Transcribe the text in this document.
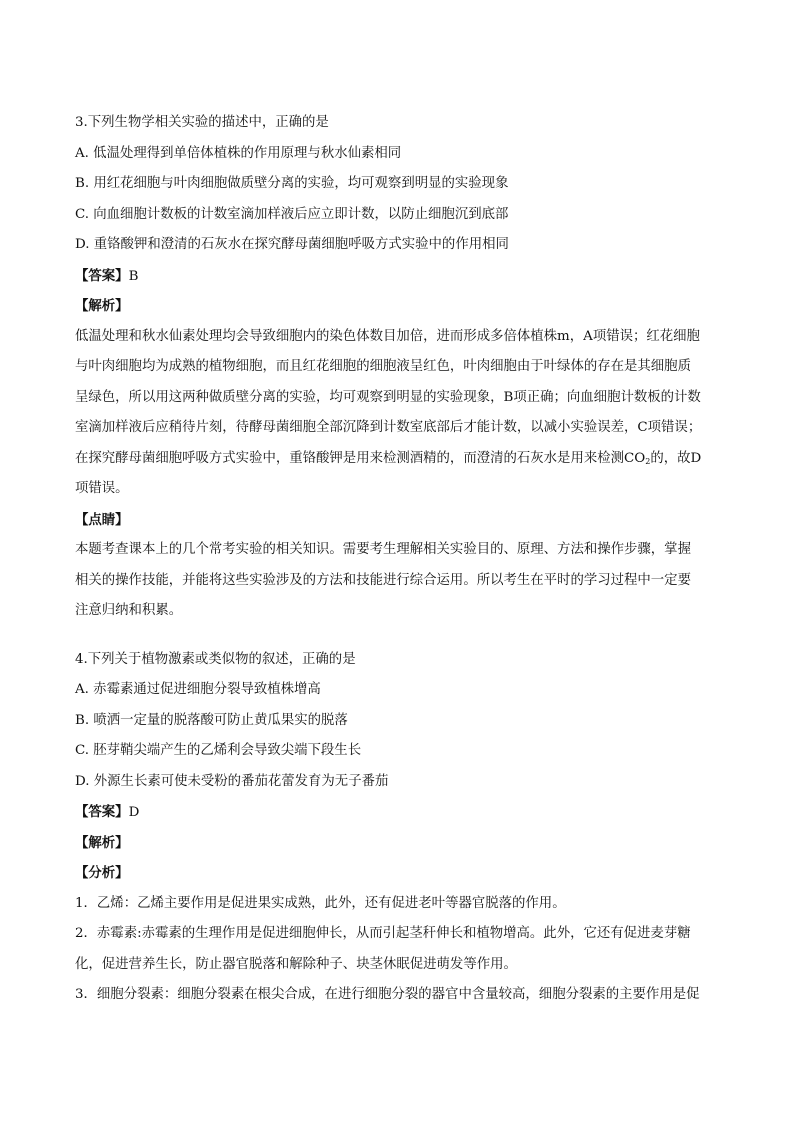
3.下列生物学相关实验的描述中，正确的是
A. 低温处理得到单倍体植株的作用原理与秋水仙素相同
B. 用红花细胞与叶肉细胞做质壁分离的实验，均可观察到明显的实验现象
C. 向血细胞计数板的计数室滴加样液后应立即计数，以防止细胞沉到底部
D. 重铬酸钾和澄清的石灰水在探究酵母菌细胞呼吸方式实验中的作用相同
【答案】B
【解析】
低温处理和秋水仙素处理均会导致细胞内的染色体数目加倍，进而形成多倍体植株m，A项错误；红花细胞
与叶肉细胞均为成熟的植物细胞，而且红花细胞的细胞液呈红色，叶肉细胞由于叶绿体的存在是其细胞质
呈绿色，所以用这两种做质壁分离的实验，均可观察到明显的实验现象，B项正确；向血细胞计数板的计数
室滴加样液后应稍待片刻，待酵母菌细胞全部沉降到计数室底部后才能计数，以减小实验误差，C项错误；
在探究酵母菌细胞呼吸方式实验中，重铬酸钾是用来检测酒精的，而澄清的石灰水是用来检测$CO_2$的，故D
项错误。
【点睛】
本题考查课本上的几个常考实验的相关知识。需要考生理解相关实验目的、原理、方法和操作步骤，掌握
相关的操作技能，并能将这些实验涉及的方法和技能进行综合运用。所以考生在平时的学习过程中一定要
注意归纳和积累。
4.下列关于植物激素或类似物的叙述，正确的是
A. 赤霉素通过促进细胞分裂导致植株增高
B. 喷洒一定量的脱落酸可防止黄瓜果实的脱落
C. 胚芽鞘尖端产生的乙烯利会导致尖端下段生长
D. 外源生长素可使未受粉的番茄花蕾发育为无子番茄
【答案】D
【解析】
【分析】
1．乙烯：乙烯主要作用是促进果实成熟，此外，还有促进老叶等器官脱落的作用。
2．赤霉素:赤霉素的生理作用是促进细胞伸长，从而引起茎秆伸长和植物增高。此外，它还有促进麦芽糖
化，促进营养生长，防止器官脱落和解除种子、块茎休眠促进萌发等作用。
3．细胞分裂素：细胞分裂素在根尖合成，在进行细胞分裂的器官中含量较高，细胞分裂素的主要作用是促
